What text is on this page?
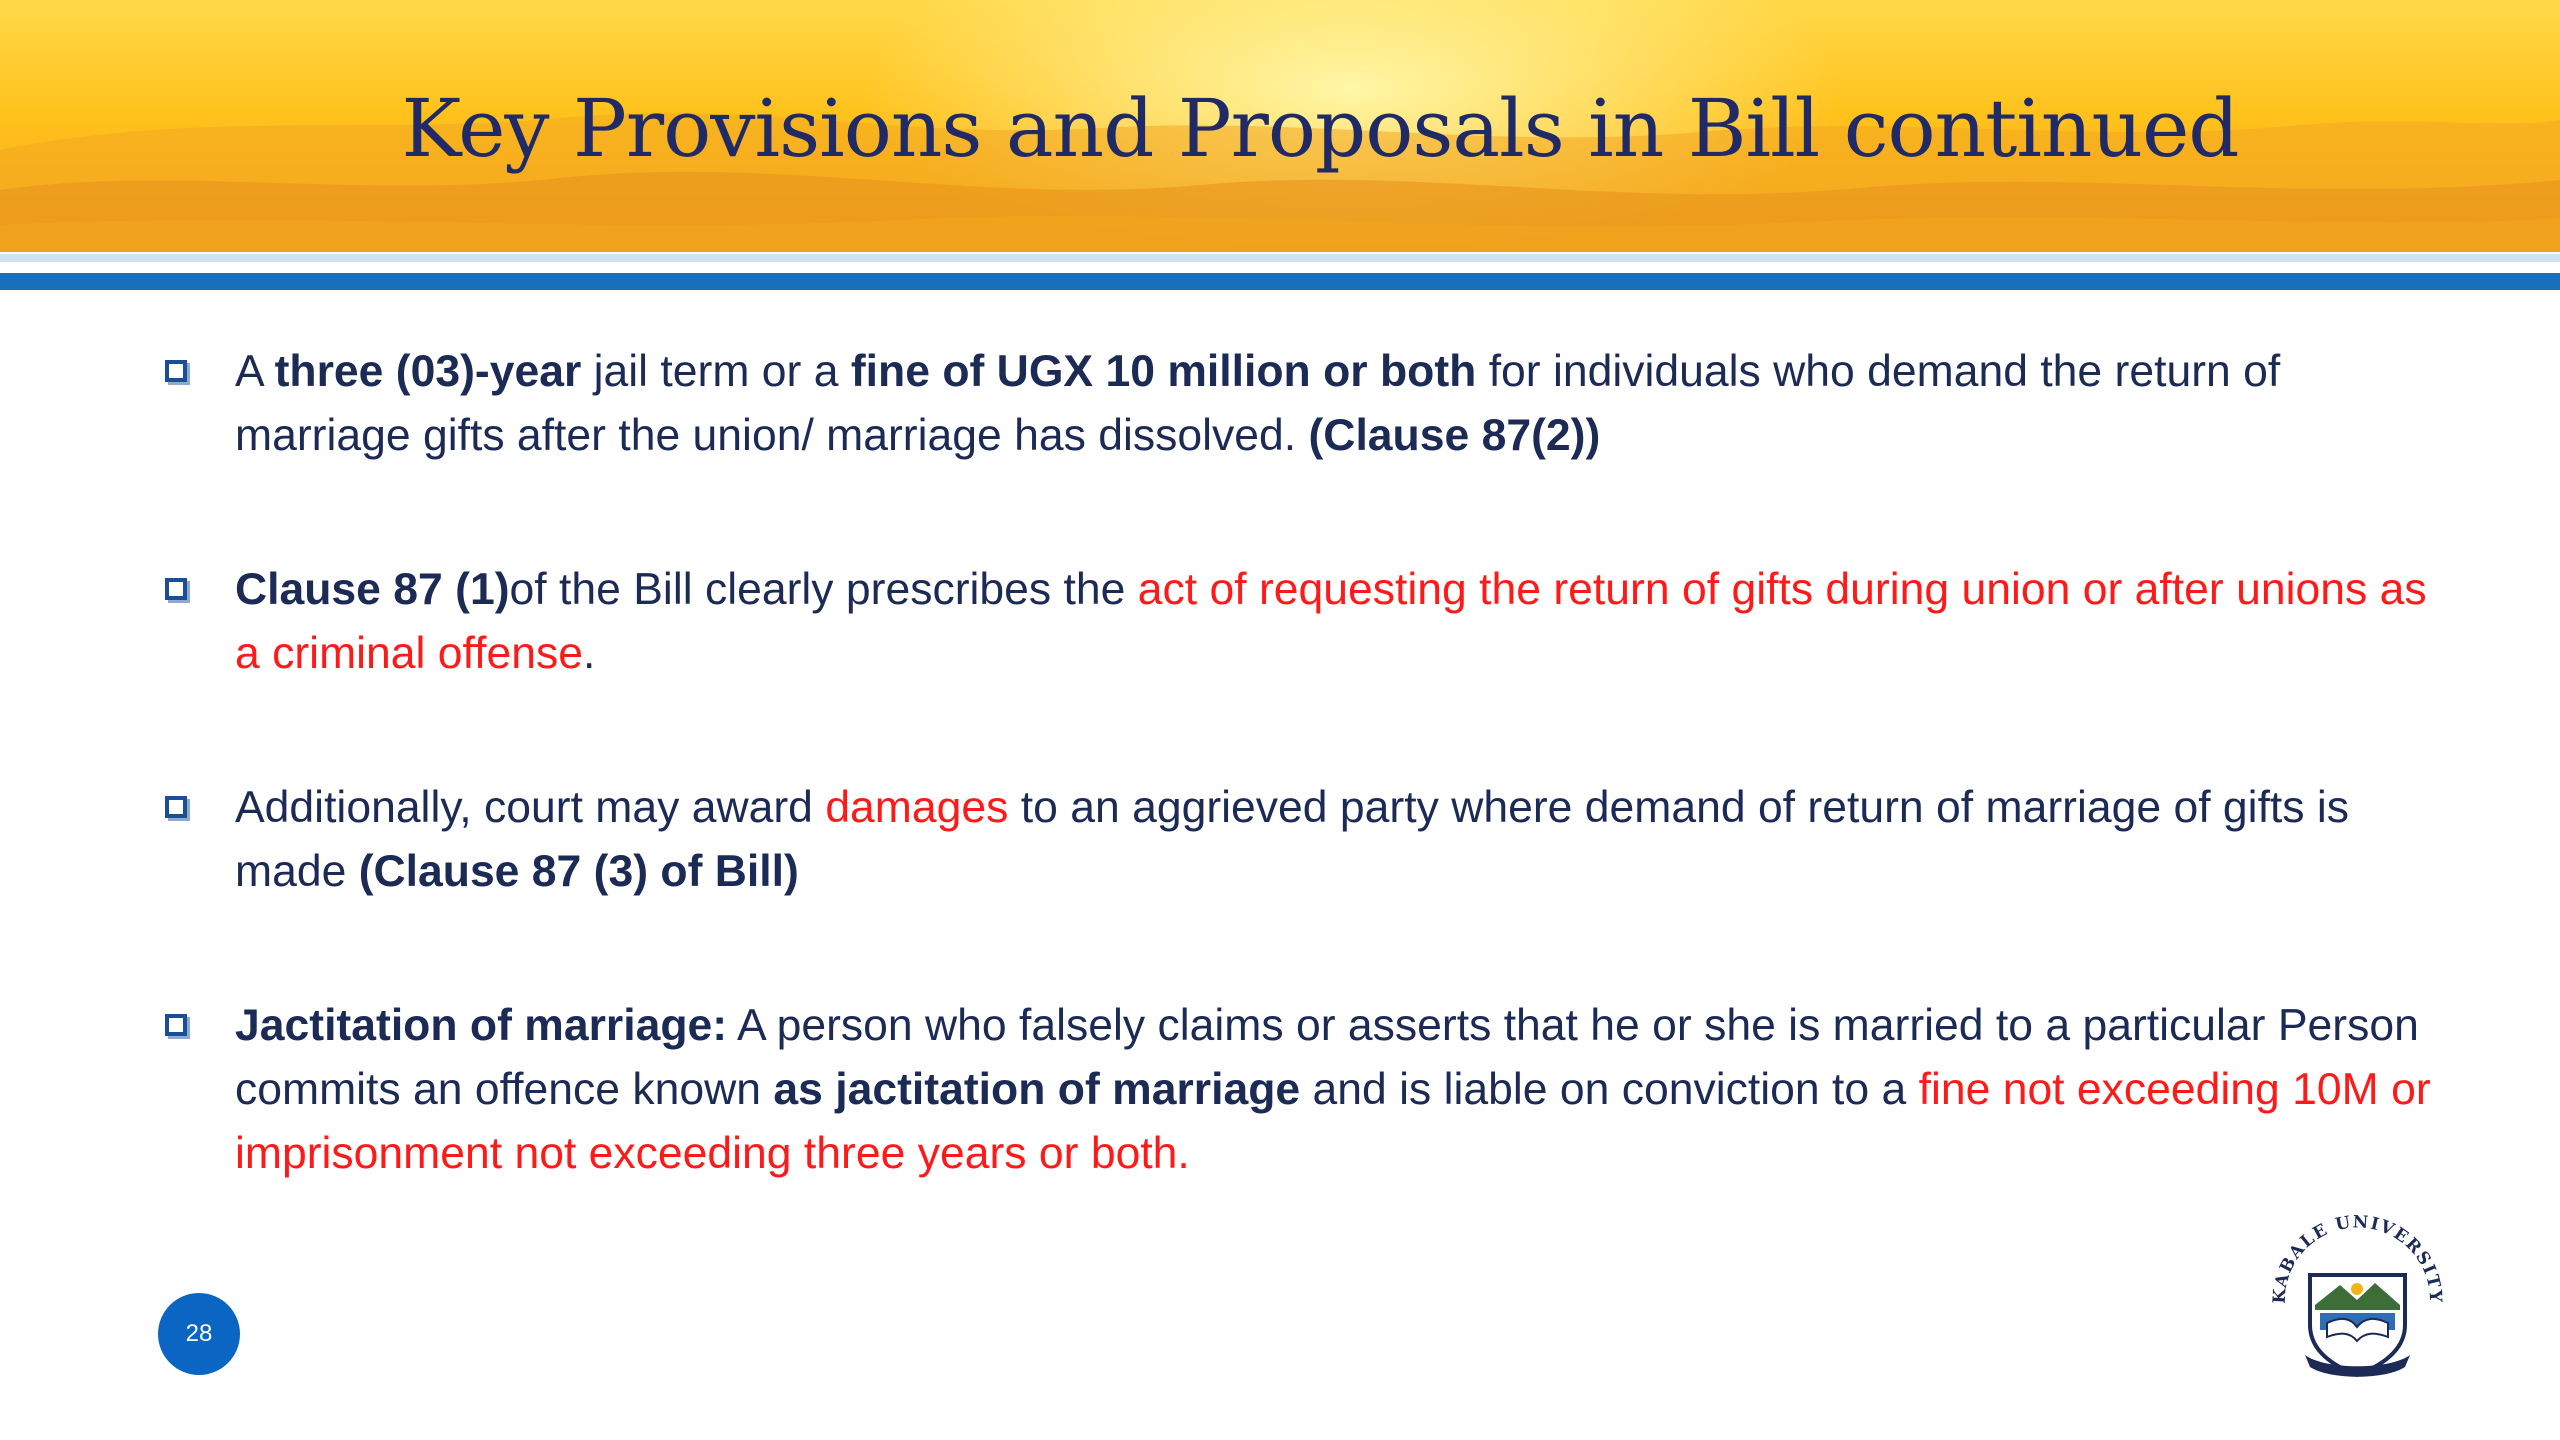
Key Provisions and Proposals in Bill continued
A three (03)-year jail term or a fine of UGX 10 million or both for individuals who demand the return of marriage gifts after the union/ marriage has dissolved. (Clause 87(2))
Clause 87 (1)of the Bill clearly prescribes the act of requesting the return of gifts during union or after unions as a criminal offense.
Additionally, court may award damages to an aggrieved party where demand of return of marriage of gifts is made (Clause 87 (3) of Bill)
Jactitation of marriage: A person who falsely claims or asserts that he or she is married to a particular Person commits an offence known as jactitation of marriage and is liable on conviction to a fine not exceeding 10M or imprisonment not exceeding three years or both.
28
KABALE UNIVERSITY
